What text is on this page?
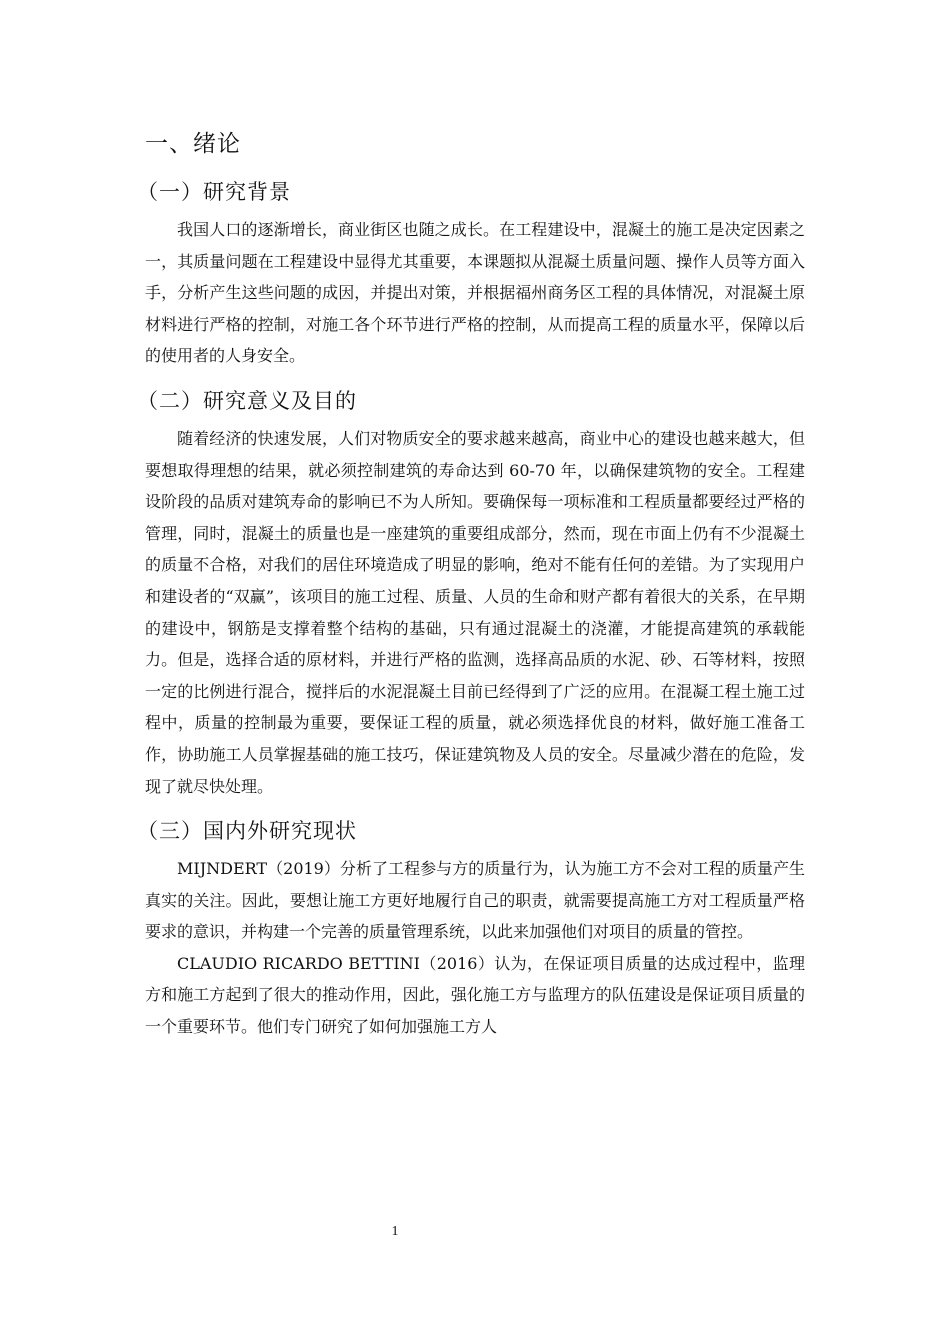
一、绪论
（一）研究背景

我国人口的逐渐增长，商业街区也随之成长。在工程建设中，混凝土的施工是决定因素之一，其质量问题在工程建设中显得尤其重要，本课题拟从混凝土质量问题、操作人员等方面入手，分析产生这些问题的成因，并提出对策，并根据福州商务区工程的具体情况，对混凝土原材料进行严格的控制，对施工各个环节进行严格的控制，从而提高工程的质量水平，保障以后的使用者的人身安全。

（二）研究意义及目的

随着经济的快速发展，人们对物质安全的要求越来越高，商业中心的建设也越来越大，但要想取得理想的结果，就必须控制建筑的寿命达到 60-70 年，以确保建筑物的安全。工程建设阶段的品质对建筑寿命的影响已不为人所知。要确保每一项标准和工程质量都要经过严格的管理，同时，混凝土的质量也是一座建筑的重要组成部分，然而，现在市面上仍有不少混凝土的质量不合格，对我们的居住环境造成了明显的影响，绝对不能有任何的差错。为了实现用户和建设者的“双赢”，该项目的施工过程、质量、人员的生命和财产都有着很大的关系，在早期的建设中，钢筋是支撑着整个结构的基础，只有通过混凝土的浇灌，才能提高建筑的承载能力。但是，选择合适的原材料，并进行严格的监测，选择高品质的水泥、砂、石等材料，按照一定的比例进行混合，搅拌后的水泥混凝土目前已经得到了广泛的应用。在混凝工程土施工过程中，质量的控制最为重要，要保证工程的质量，就必须选择优良的材料，做好施工准备工作，协助施工人员掌握基础的施工技巧，保证建筑物及人员的安全。尽量减少潜在的危险，发现了就尽快处理。

（三）国内外研究现状

MIJNDERT（2019）分析了工程参与方的质量行为，认为施工方不会对工程的质量产生真实的关注。因此，要想让施工方更好地履行自己的职责，就需要提高施工方对工程质量严格要求的意识，并构建一个完善的质量管理系统，以此来加强他们对项目的质量的管控。

CLAUDIO RICARDO BETTINI（2016）认为，在保证项目质量的达成过程中，监理方和施工方起到了很大的推动作用，因此，强化施工方与监理方的队伍建设是保证项目质量的一个重要环节。他们专门研究了如何加强施工方人

1
